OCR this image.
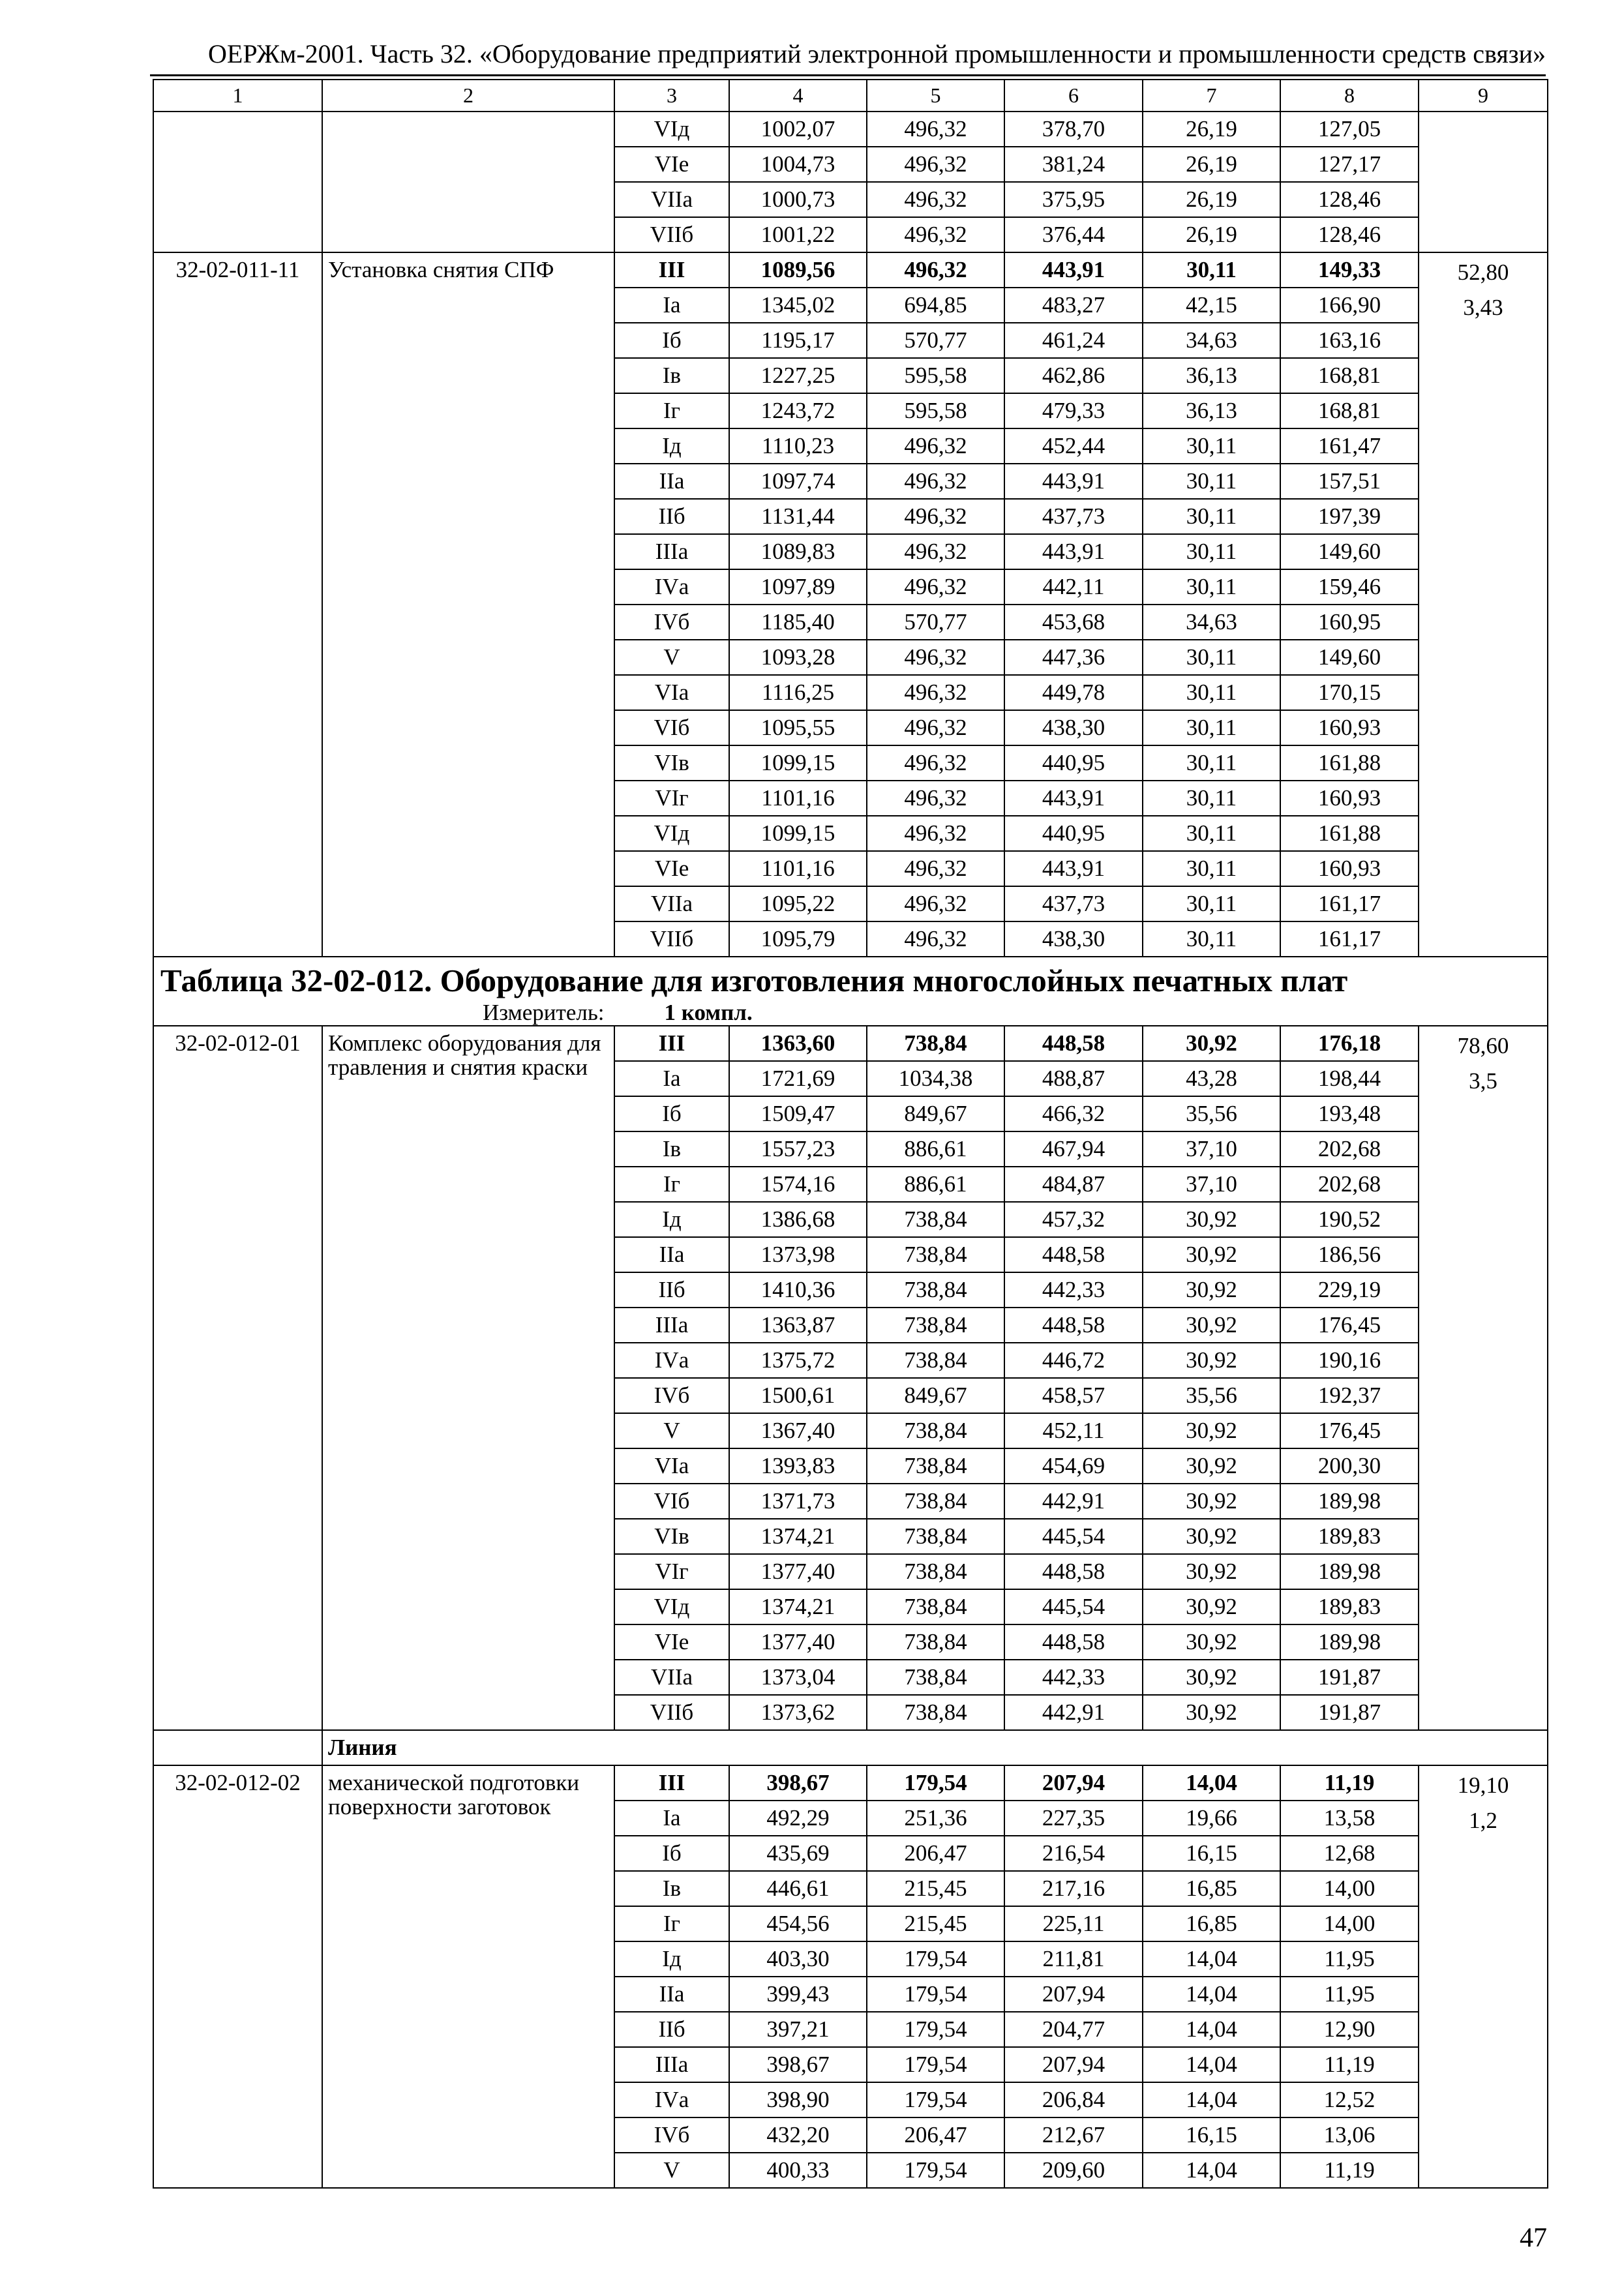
ОЕРЖм-2001. Часть 32. «Оборудование предприятий электронной промышленности и промышленности средств связи»
1	2	3	4	5	6	7	8	9
		VIд	1002,07	496,32	378,70	26,19	127,05	
		VIе	1004,73	496,32	381,24	26,19	127,17	
		VIIа	1000,73	496,32	375,95	26,19	128,46	
		VIIб	1001,22	496,32	376,44	26,19	128,46	
32-02-011-11	Установка снятия СПФ	III	1089,56	496,32	443,91	30,11	149,33	52,80
3,43

		Iа	1345,02	694,85	483,27	42,15	166,90	
		Iб	1195,17	570,77	461,24	34,63	163,16	
		Iв	1227,25	595,58	462,86	36,13	168,81	
		Iг	1243,72	595,58	479,33	36,13	168,81	
		Iд	1110,23	496,32	452,44	30,11	161,47	
		IIа	1097,74	496,32	443,91	30,11	157,51	
		IIб	1131,44	496,32	437,73	30,11	197,39	
		IIIа	1089,83	496,32	443,91	30,11	149,60	
		IVа	1097,89	496,32	442,11	30,11	159,46	
		IVб	1185,40	570,77	453,68	34,63	160,95	
		V	1093,28	496,32	447,36	30,11	149,60	
		VIа	1116,25	496,32	449,78	30,11	170,15	
		VIб	1095,55	496,32	438,30	30,11	160,93	
		VIв	1099,15	496,32	440,95	30,11	161,88	
		VIг	1101,16	496,32	443,91	30,11	160,93	
		VIд	1099,15	496,32	440,95	30,11	161,88	
		VIе	1101,16	496,32	443,91	30,11	160,93	
		VIIа	1095,22	496,32	437,73	30,11	161,17	
		VIIб	1095,79	496,32	438,30	30,11	161,17	

Таблица 32-02-012. Оборудование для изготовления многослойных печатных плат
Измеритель: 1 компл.								

32-02-012-01	Комплекс оборудования для травления и снятия краски	III	1363,60	738,84	448,58	30,92	176,18	78,60
3,5

		Iа	1721,69	1034,38	488,87	43,28	198,44	
		Iб	1509,47	849,67	466,32	35,56	193,48	
		Iв	1557,23	886,61	467,94	37,10	202,68	
		Iг	1574,16	886,61	484,87	37,10	202,68	
		Iд	1386,68	738,84	457,32	30,92	190,52	
		IIа	1373,98	738,84	448,58	30,92	186,56	
		IIб	1410,36	738,84	442,33	30,92	229,19	
		IIIа	1363,87	738,84	448,58	30,92	176,45	
		IVа	1375,72	738,84	446,72	30,92	190,16	
		IVб	1500,61	849,67	458,57	35,56	192,37	
		V	1367,40	738,84	452,11	30,92	176,45	
		VIа	1393,83	738,84	454,69	30,92	200,30	
		VIб	1371,73	738,84	442,91	30,92	189,98	
		VIв	1374,21	738,84	445,54	30,92	189,83	
		VIг	1377,40	738,84	448,58	30,92	189,98	
		VIд	1374,21	738,84	445,54	30,92	189,83	
		VIе	1377,40	738,84	448,58	30,92	189,98	
		VIIа	1373,04	738,84	442,33	30,92	191,87	
		VIIб	1373,62	738,84	442,91	30,92	191,87	
	Линия							
32-02-012-02	механической подготовки поверхности заготовок	III	398,67	179,54	207,94	14,04	11,19	19,10
1,2

		Iа	492,29	251,36	227,35	19,66	13,58	
		Iб	435,69	206,47	216,54	16,15	12,68	
		Iв	446,61	215,45	217,16	16,85	14,00	
		Iг	454,56	215,45	225,11	16,85	14,00	
		Iд	403,30	179,54	211,81	14,04	11,95	
		IIа	399,43	179,54	207,94	14,04	11,95	
		IIб	397,21	179,54	204,77	14,04	12,90	
		IIIа	398,67	179,54	207,94	14,04	11,19	
		IVа	398,90	179,54	206,84	14,04	12,52	
		IVб	432,20	206,47	212,67	16,15	13,06	
		V	400,33	179,54	209,60	14,04	11,19	
47
